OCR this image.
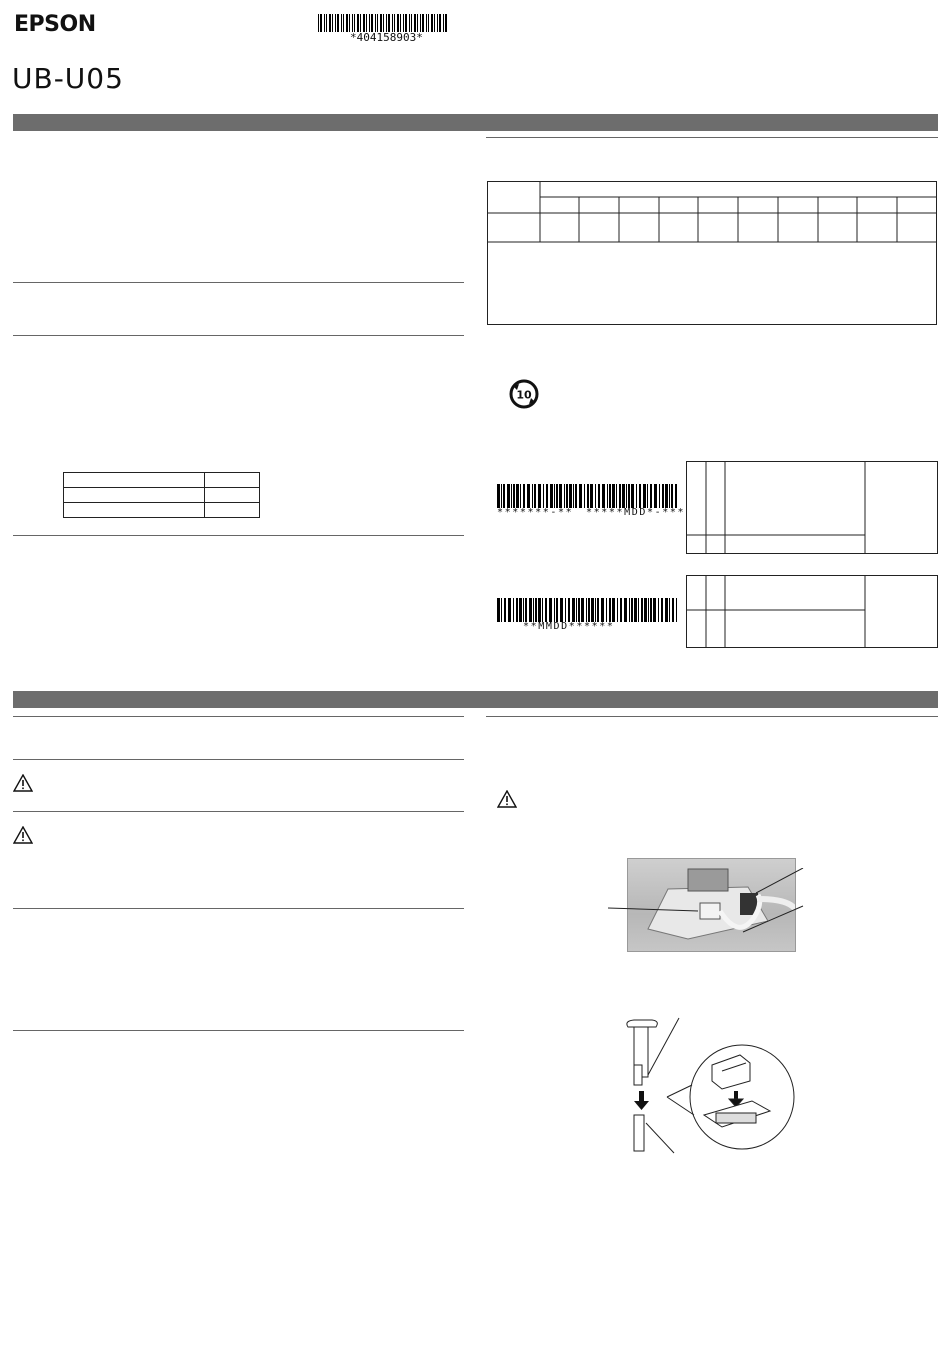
EPSON
UB-U05
*404158903*

10
*******-** *****MDD*-***
**MMDD******
